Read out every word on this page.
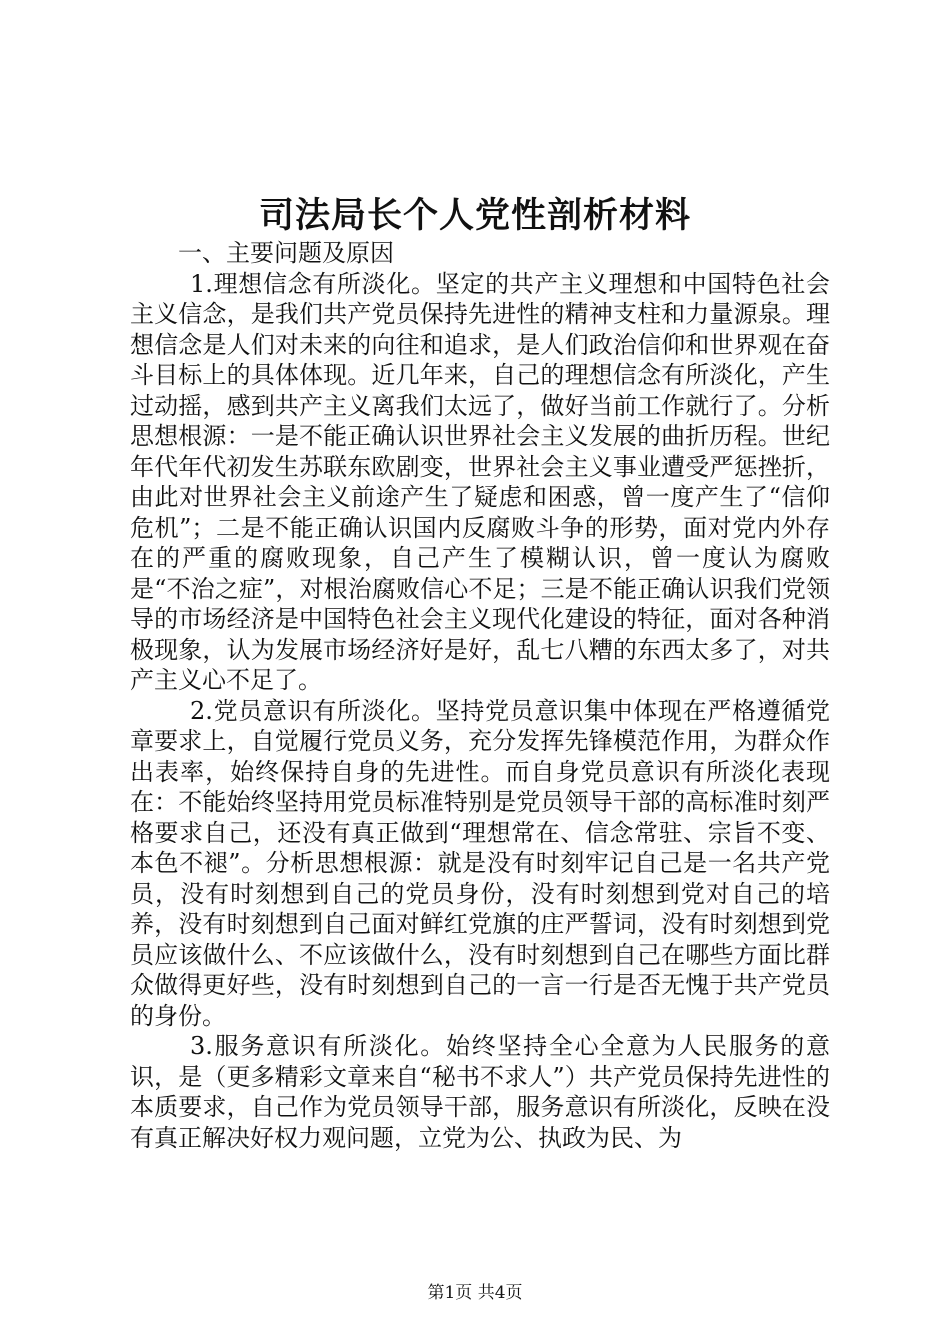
司法局长个人党性剖析材料

一、主要问题及原因

1.理想信念有所淡化。坚定的共产主义理想和中国特色社会主义信念，是我们共产党员保持先进性的精神支柱和力量源泉。理想信念是人们对未来的向往和追求，是人们政治信仰和世界观在奋斗目标上的具体体现。近几年来，自己的理想信念有所淡化，产生过动摇，感到共产主义离我们太远了，做好当前工作就行了。分析思想根源：一是不能正确认识世界社会主义发展的曲折历程。世纪年代年代初发生苏联东欧剧变，世界社会主义事业遭受严惩挫折，由此对世界社会主义前途产生了疑虑和困惑，曾一度产生了“信仰危机”；二是不能正确认识国内反腐败斗争的形势，面对党内外存在的严重的腐败现象，自己产生了模糊认识，曾一度认为腐败是“不治之症”，对根治腐败信心不足；三是不能正确认识我们党领导的市场经济是中国特色社会主义现代化建设的特征，面对各种消极现象，认为发展市场经济好是好，乱七八糟的东西太多了，对共产主义心不足了。

2.党员意识有所淡化。坚持党员意识集中体现在严格遵循党章要求上，自觉履行党员义务，充分发挥先锋模范作用，为群众作出表率，始终保持自身的先进性。而自身党员意识有所淡化表现在：不能始终坚持用党员标准特别是党员领导干部的高标准时刻严格要求自己，还没有真正做到“理想常在、信念常驻、宗旨不变、本色不褪”。分析思想根源：就是没有时刻牢记自己是一名共产党员，没有时刻想到自己的党员身份，没有时刻想到党对自己的培养，没有时刻想到自己面对鲜红党旗的庄严誓词，没有时刻想到党员应该做什么、不应该做什么，没有时刻想到自己在哪些方面比群众做得更好些，没有时刻想到自己的一言一行是否无愧于共产党员的身份。

3.服务意识有所淡化。始终坚持全心全意为人民服务的意识，是（更多精彩文章来自“秘书不求人”）共产党员保持先进性的本质要求，自己作为党员领导干部，服务意识有所淡化，反映在没有真正解决好权力观问题，立党为公、执政为民、为

第1页 共4页
